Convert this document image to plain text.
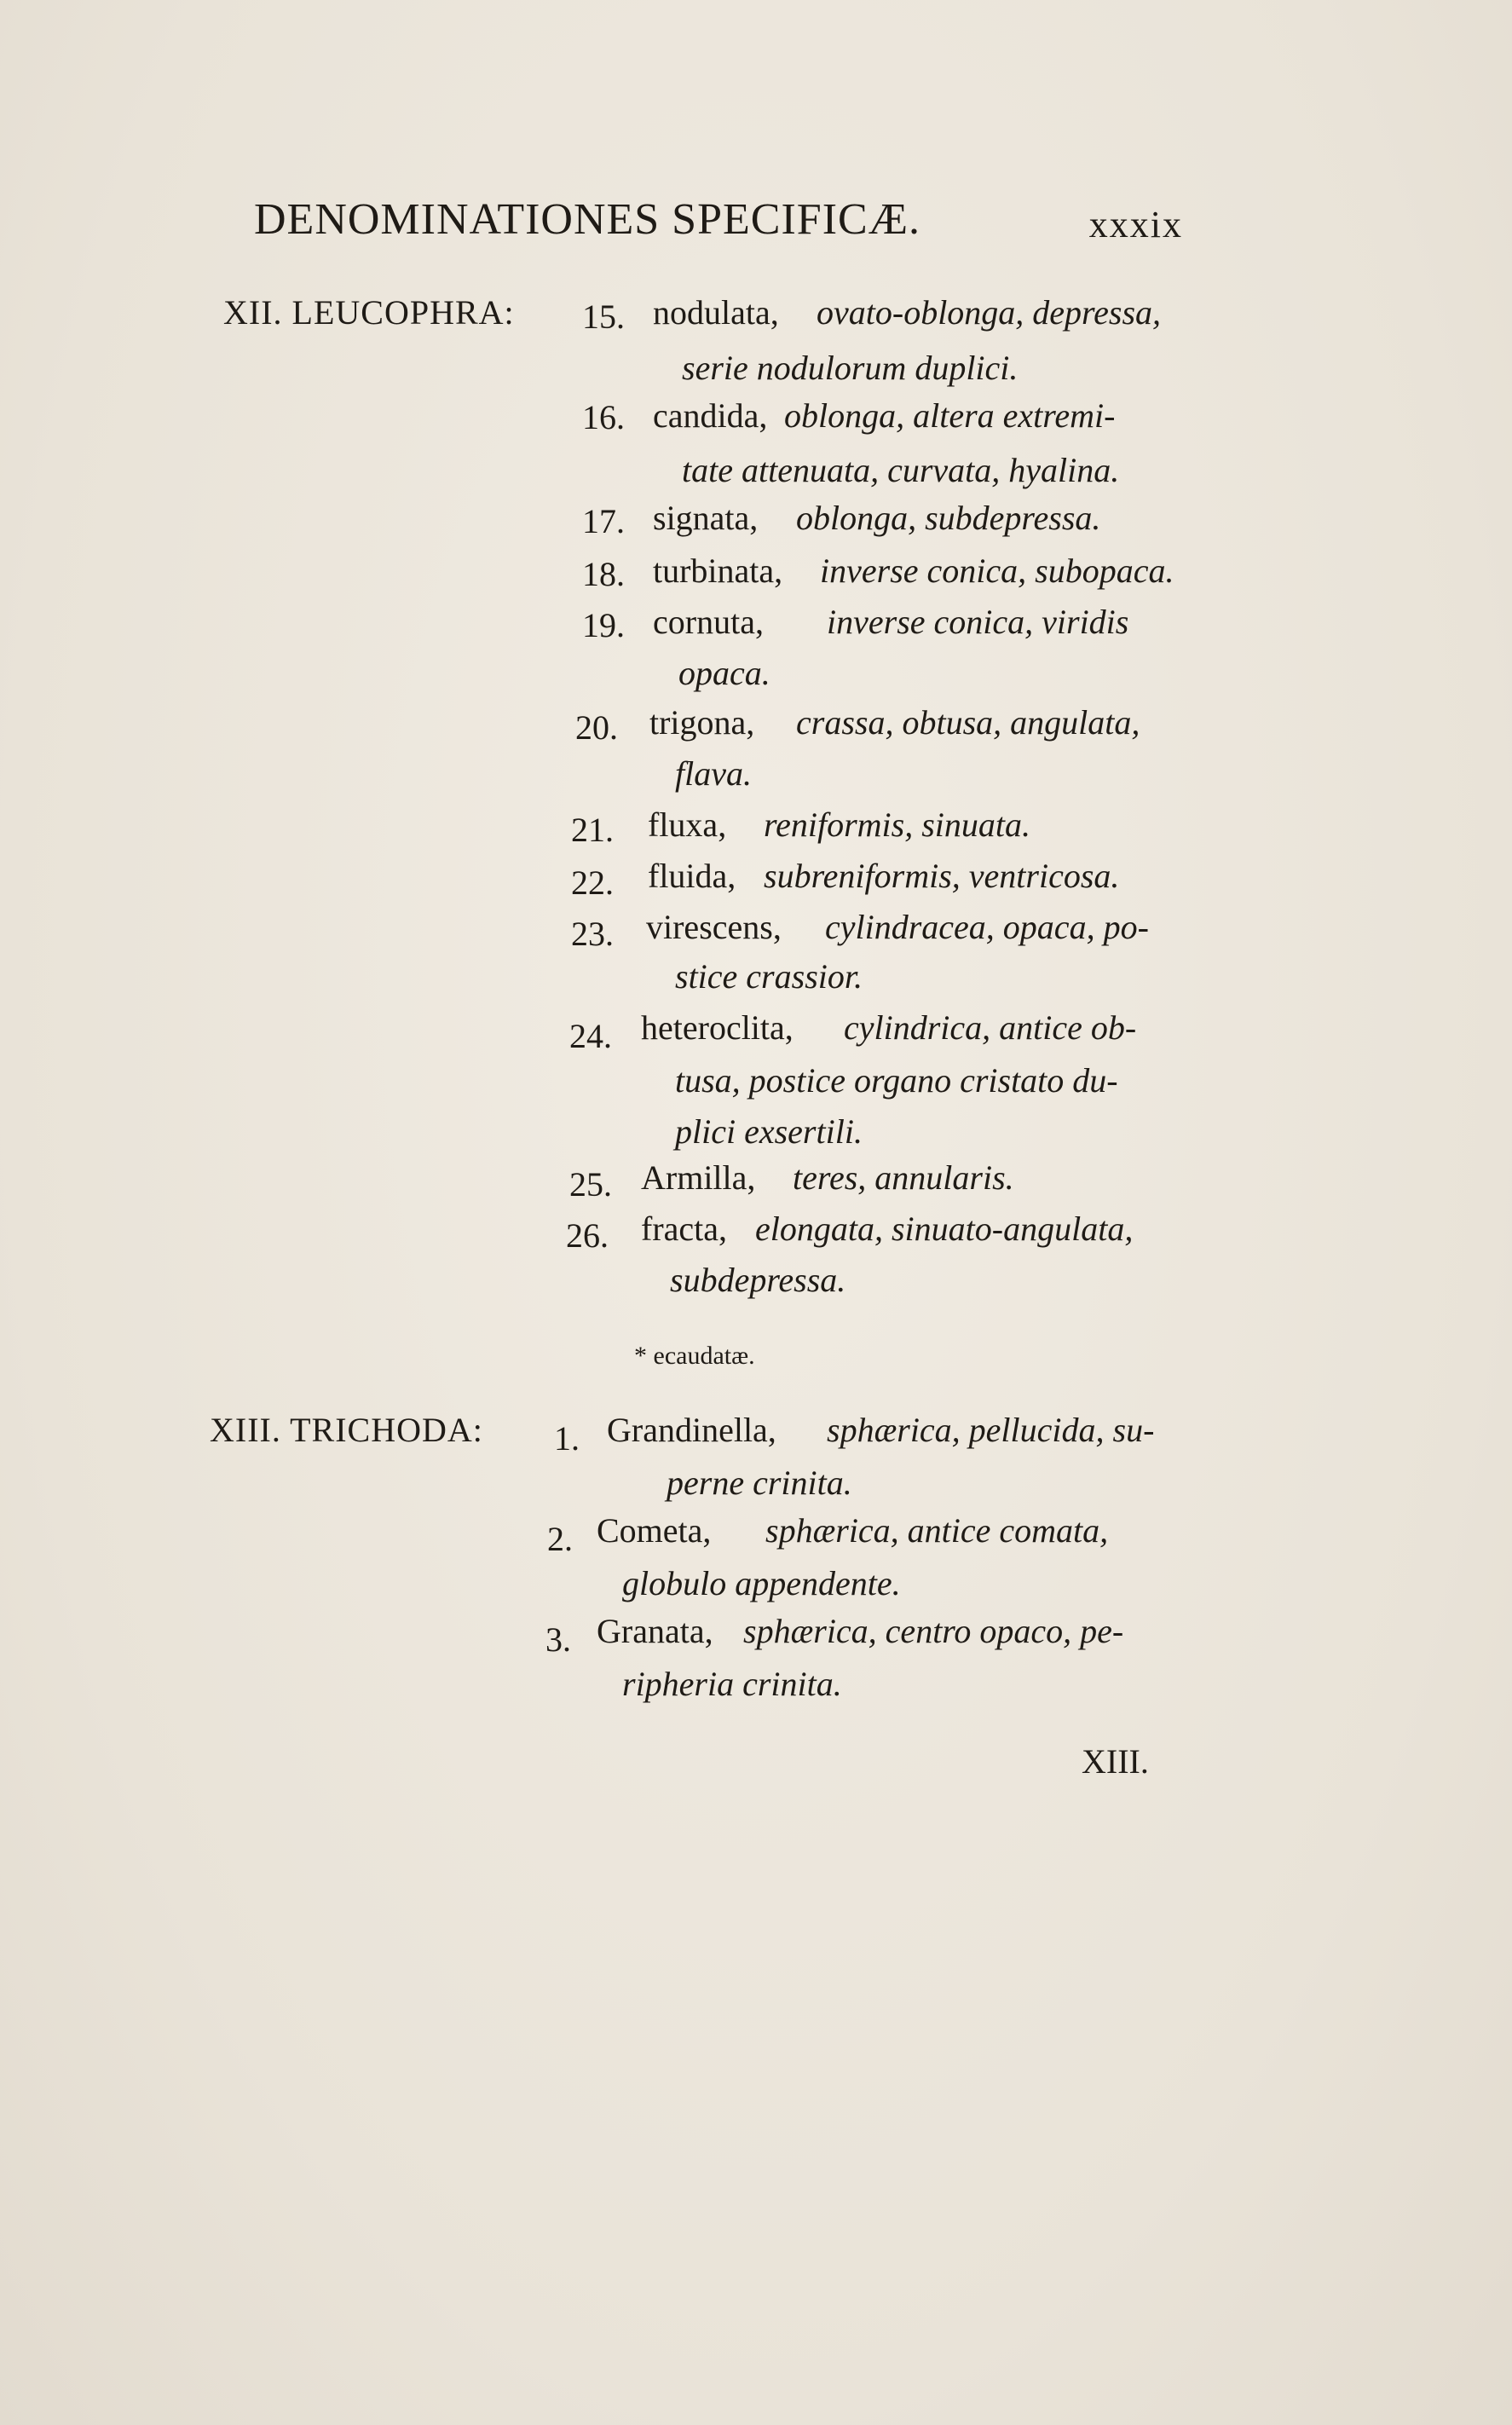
DENOMINATIONES SPECIFICÆ.	xxxix
XII. LEUCOPHRA: 15. nodulata, ovato-oblonga, depressa,
serie nodulorum duplici.
16. candida, oblonga, altera extremi-
tate attenuata, curvata, hyalina.
17. signata, oblonga, subdepressa.
18. turbinata, inverse conica, subopaca.
19. cornuta, inverse conica, viridis
opaca.
20. trigona, crassa, obtusa, angulata,
flava.
21. fluxa, reniformis, sinuata.
22. fluida, subreniformis, ventricosa.
23. virescens, cylindracea, opaca, po-
stice crassior.
24. heteroclita, cylindrica, antice ob-
tusa, postice organo cristato du-
plici exsertili.
25. Armilla, teres, annularis.
26. fracta, elongata, sinuato-angulata,
subdepressa.
* ecaudatæ.
XIII. TRICHODA: 1. Grandinella, sphærica, pellucida, su-
perne crinita.
2. Cometa, sphærica, antice comata,
globulo appendente.
3. Granata, sphærica, centro opaco, pe-
ripheria crinita.
XIII.
